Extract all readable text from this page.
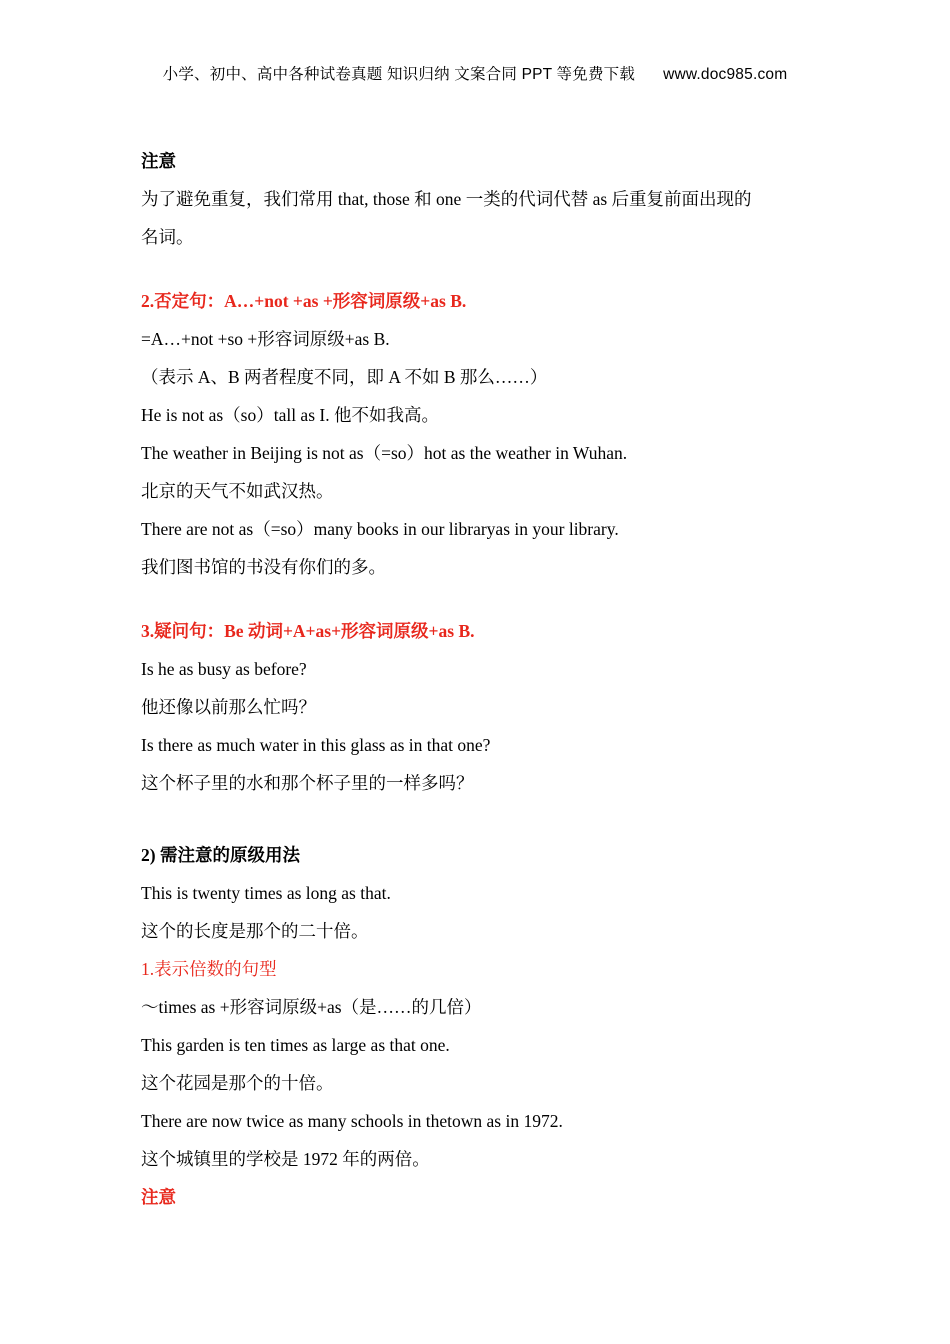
小学、初中、高中各种试卷真题 知识归纳 文案合同 PPT 等免费下载 www.doc985.com
注意
为了避免重复，我们常用 that, those 和 one 一类的代词代替 as 后重复前面出现的
名词。
2.否定句：A…+not +as +形容词原级+as B.
=A…+not +so +形容词原级+as B.
（表示 A、B 两者程度不同，即 A 不如 B 那么……）
He is not as（so）tall as I. 他不如我高。
The weather in Beijing is not as（=so）hot as the weather in Wuhan.
北京的天气不如武汉热。
There are not as（=so）many books in our libraryas in your library.
我们图书馆的书没有你们的多。
3.疑问句：Be 动词+A+as+形容词原级+as B.
Is he as busy as before?
他还像以前那么忙吗？
Is there as much water in this glass as in that one?
这个杯子里的水和那个杯子里的一样多吗？
2) 需注意的原级用法
This is twenty times as long as that.
这个的长度是那个的二十倍。
1.表示倍数的句型
～times as +形容词原级+as（是……的几倍）
This garden is ten times as large as that one.
这个花园是那个的十倍。
There are now twice as many schools in thetown as in 1972.
这个城镇里的学校是 1972 年的两倍。
注意
